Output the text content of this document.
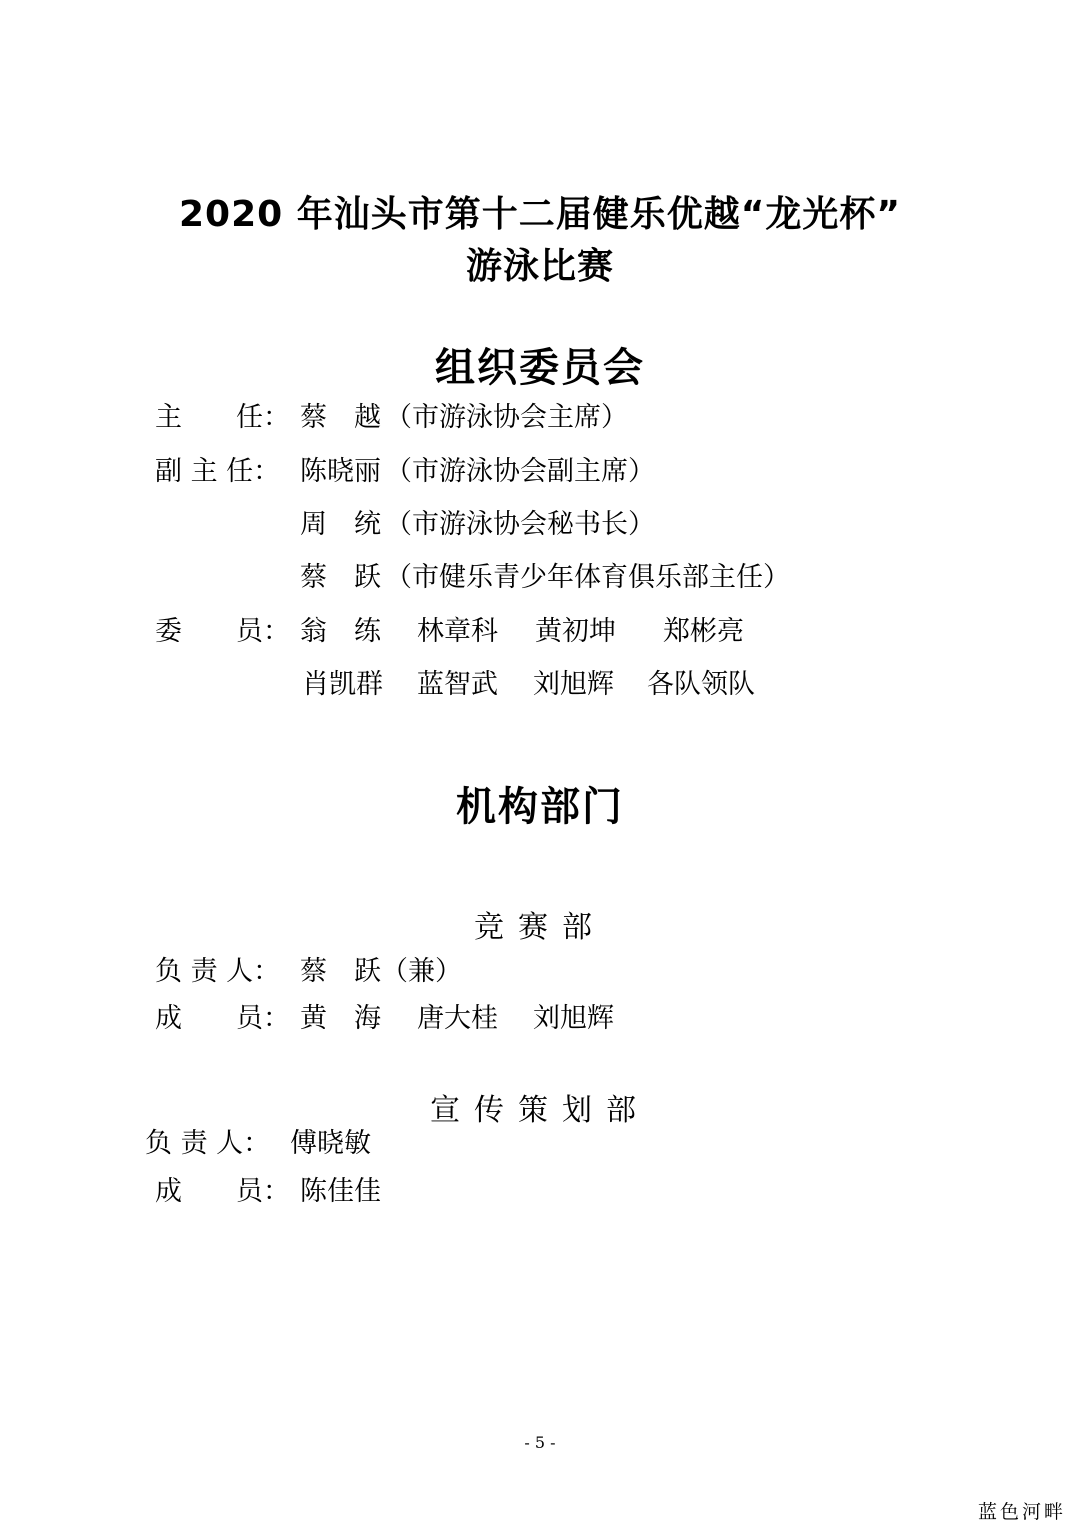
2020 年汕头市第十二届健乐优越“龙光杯”
游泳比赛
组织委员会
主　　任： 蔡　越 （市游泳协会主席）
副 主 任： 陈晓丽 （市游泳协会副主席）
周　统 （市游泳协会秘书长）
蔡　跃 （市健乐青少年体育俱乐部主任）
委　　员： 翁　练 林章科 黄初坤 郑彬亮
肖凯群 蓝智武 刘旭辉 各队领队
机构部门
竞赛部
负 责 人： 蔡　跃（兼）
成　　员： 黄　海 唐大桂 刘旭辉
宣传策划部
负 责 人： 傅晓敏
成　　员： 陈佳佳
- 5 -
蓝色河畔
